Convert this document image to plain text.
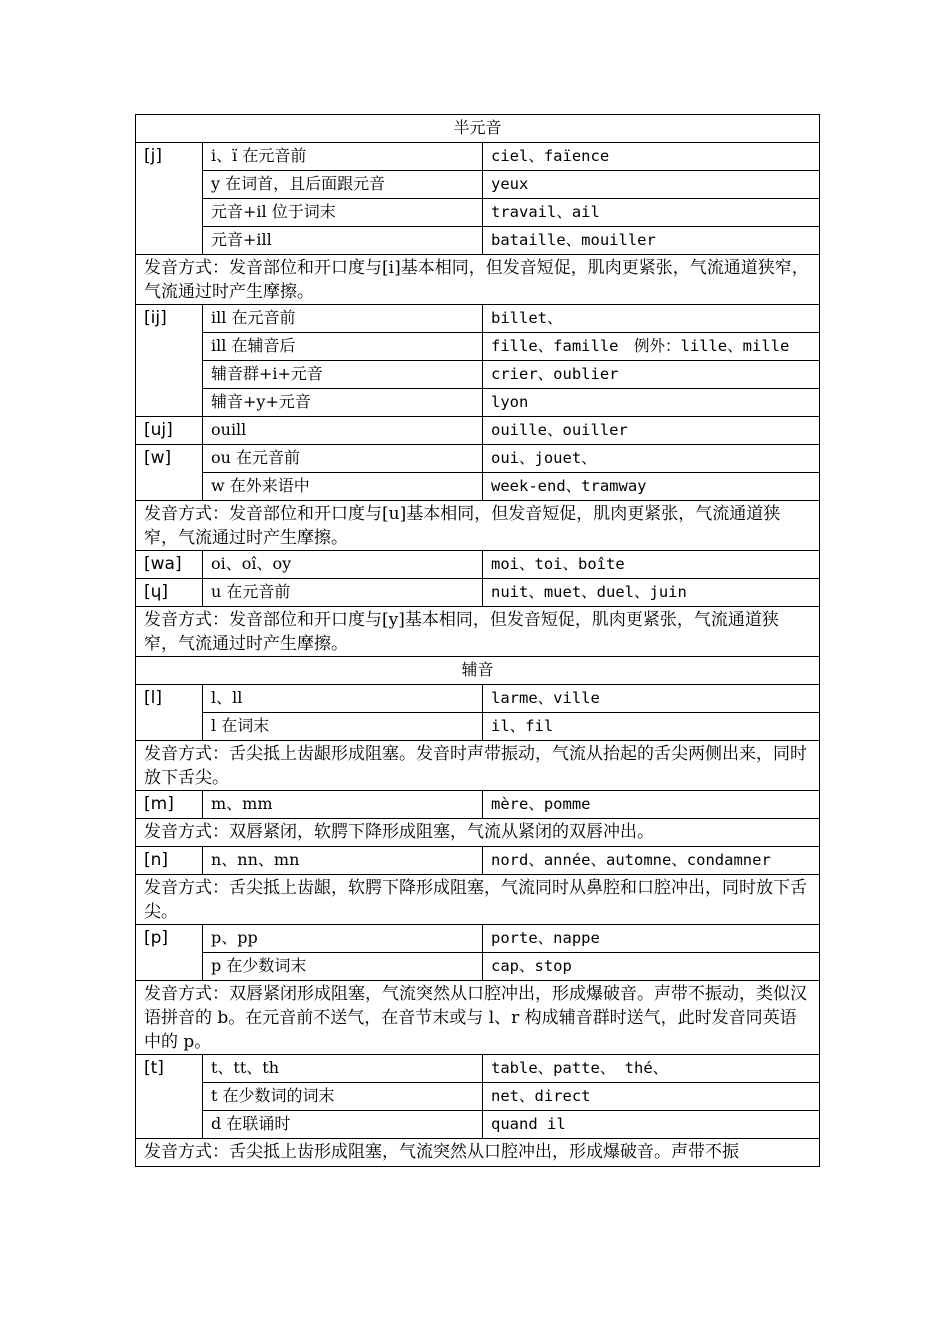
半元音		
[j]	i、ï 在元音前	ciel、faïence
	y 在词首，且后面跟元音	yeux
	元音+il 位于词末	travail、ail
	元音+ill	bataille、mouiller
发音方式：发音部位和开口度与[i]基本相同，但发音短促，肌肉更紧张，气流通道狭窄，气流通过时产生摩擦。		
[ij]	ill 在元音前	billet、
	ill 在辅音后	fille、famille　例外：lille、mille
	辅音群+i+元音	crier、oublier
	辅音+y+元音	lyon
[uj]	ouill	ouille、ouiller
[w]	ou 在元音前	oui、jouet、
	w 在外来语中	week-end、tramway
发音方式：发音部位和开口度与[u]基本相同，但发音短促，肌肉更紧张，气流通道狭窄，气流通过时产生摩擦。		
[wa]	oi、oî、oy	moi、toi、boîte
[ɥ]	u 在元音前	nuit、muet、duel、juin
发音方式：发音部位和开口度与[y]基本相同，但发音短促，肌肉更紧张，气流通道狭窄，气流通过时产生摩擦。		
辅音		
[l]	l、ll	larme、ville
	l 在词末	il、fil
发音方式：舌尖抵上齿龈形成阻塞。发音时声带振动，气流从抬起的舌尖两侧出来，同时放下舌尖。		
[m]	m、mm	mère、pomme
发音方式：双唇紧闭，软腭下降形成阻塞，气流从紧闭的双唇冲出。		
[n]	n、nn、mn	nord、année、automne、condamner
发音方式：舌尖抵上齿龈，软腭下降形成阻塞，气流同时从鼻腔和口腔冲出，同时放下舌尖。		
[p]	p、pp	porte、nappe
	p 在少数词末	cap、stop
发音方式：双唇紧闭形成阻塞，气流突然从口腔冲出，形成爆破音。声带不振动，类似汉语拼音的 b。在元音前不送气，在音节末或与 l、r 构成辅音群时送气，此时发音同英语中的 p。		
[t]	t、tt、th	table、patte、 thé、
	t 在少数词的词末	net、direct
	d 在联诵时	quand il
发音方式：舌尖抵上齿形成阻塞，气流突然从口腔冲出，形成爆破音。声带不振		
